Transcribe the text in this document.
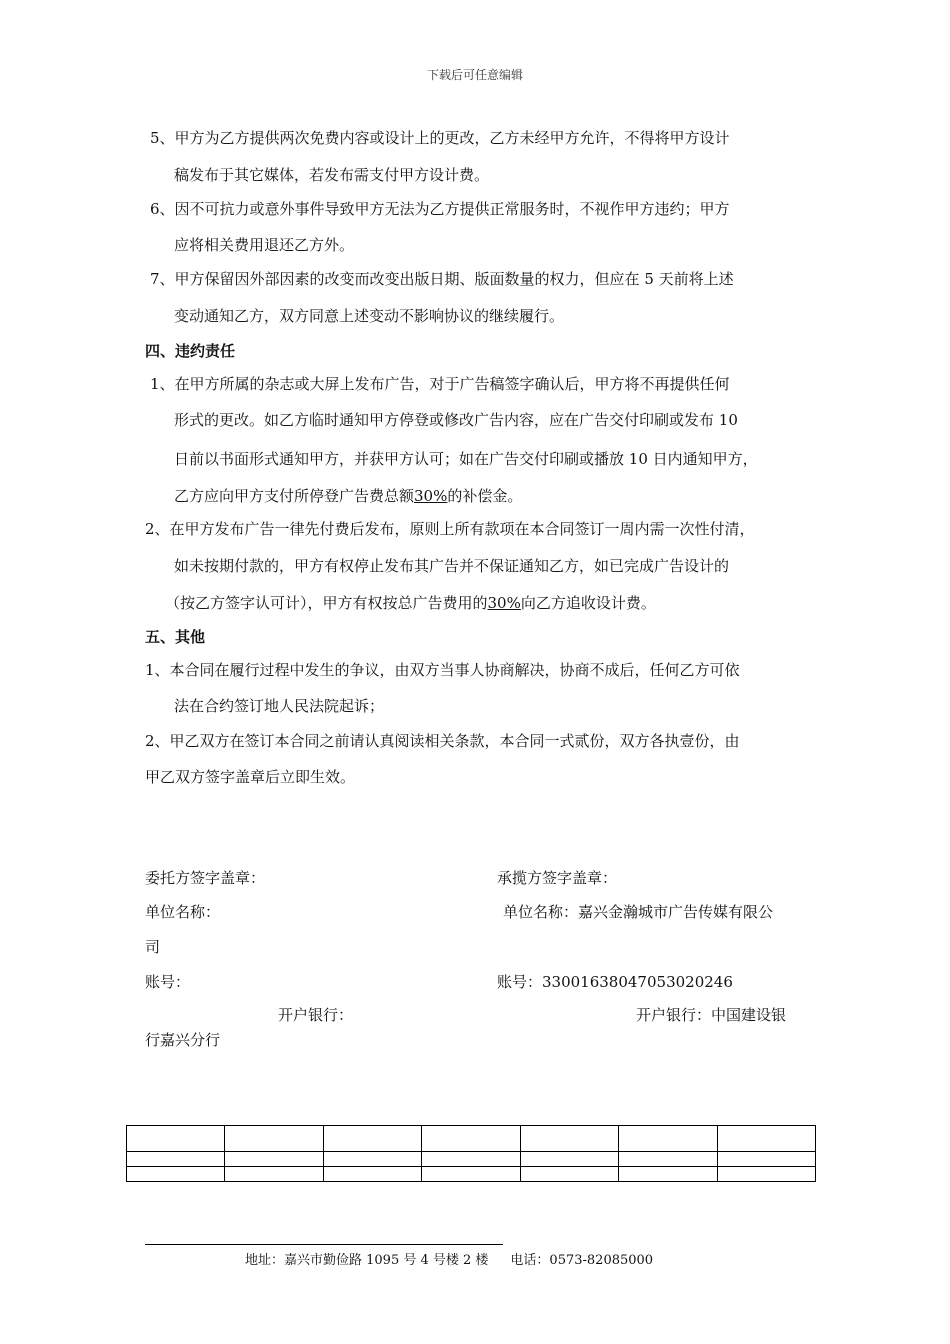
下载后可任意编辑
5、甲方为乙方提供两次免费内容或设计上的更改，乙方未经甲方允许，不得将甲方设计
稿发布于其它媒体，若发布需支付甲方设计费。
6、因不可抗力或意外事件导致甲方无法为乙方提供正常服务时，不视作甲方违约；甲方
应将相关费用退还乙方外。
7、甲方保留因外部因素的改变而改变出版日期、版面数量的权力，但应在 5 天前将上述
变动通知乙方，双方同意上述变动不影响协议的继续履行。
四、违约责任
1、在甲方所属的杂志或大屏上发布广告，对于广告稿签字确认后，甲方将不再提供任何
形式的更改。如乙方临时通知甲方停登或修改广告内容，应在广告交付印刷或发布 10
日前以书面形式通知甲方，并获甲方认可；如在广告交付印刷或播放 10 日内通知甲方，
乙方应向甲方支付所停登广告费总额30%的补偿金。
2、在甲方发布广告一律先付费后发布，原则上所有款项在本合同签订一周内需一次性付清，
如未按期付款的，甲方有权停止发布其广告并不保证通知乙方，如已完成广告设计的
（按乙方签字认可计），甲方有权按总广告费用的30%向乙方追收设计费。
五、其他
1、本合同在履行过程中发生的争议，由双方当事人协商解决，协商不成后，任何乙方可依
法在合约签订地人民法院起诉；
2、甲乙双方在签订本合同之前请认真阅读相关条款，本合同一式贰份，双方各执壹份，由
甲乙双方签字盖章后立即生效。
委托方签字盖章：	承揽方签字盖章：
单位名称：	单位名称：嘉兴金瀚城市广告传媒有限公
司
账号：	账号：33001638047053020246
开户银行：	开户银行：中国建设银
行嘉兴分行

地址：嘉兴市勤俭路 1095 号 4 号楼 2 楼 电话：0573-82085000
